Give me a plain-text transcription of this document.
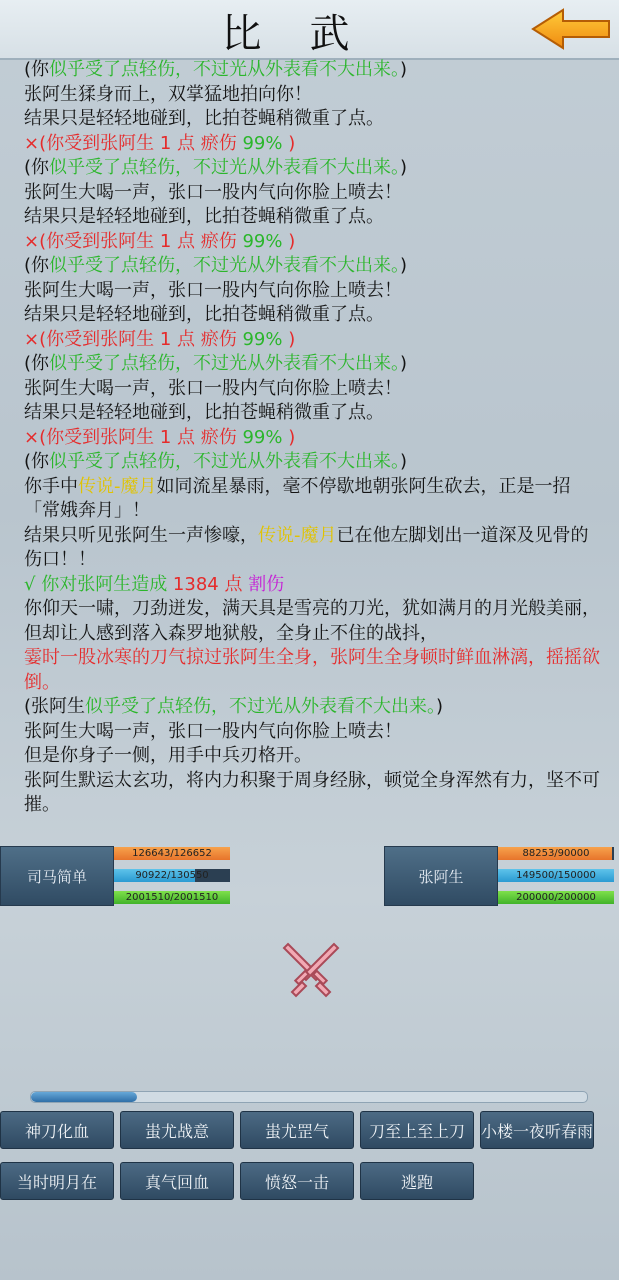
比武

(你似乎受了点轻伤，不过光从外表看不大出来。)

张阿生猱身而上，双掌猛地拍向你！

结果只是轻轻地碰到，比拍苍蝇稍微重了点。

×(你受到张阿生 1 点 瘀伤 99% )

(你似乎受了点轻伤，不过光从外表看不大出来。)

张阿生大喝一声，张口一股内气向你脸上喷去！

结果只是轻轻地碰到，比拍苍蝇稍微重了点。

×(你受到张阿生 1 点 瘀伤 99% )

(你似乎受了点轻伤，不过光从外表看不大出来。)

张阿生大喝一声，张口一股内气向你脸上喷去！

结果只是轻轻地碰到，比拍苍蝇稍微重了点。

×(你受到张阿生 1 点 瘀伤 99% )

(你似乎受了点轻伤，不过光从外表看不大出来。)

张阿生大喝一声，张口一股内气向你脸上喷去！

结果只是轻轻地碰到，比拍苍蝇稍微重了点。

×(你受到张阿生 1 点 瘀伤 99% )

(你似乎受了点轻伤，不过光从外表看不大出来。)

你手中传说-魔月如同流星暴雨，毫不停歇地朝张阿生砍去，正是一招「常娥奔月」！

结果只听见张阿生一声惨嚎，传说-魔月已在他左脚划出一道深及见骨的伤口！！

√ 你对张阿生造成 1384 点 割伤

你仰天一啸，刀劲迸发，满天具是雪亮的刀光，犹如满月的月光般美丽，

但却让人感到落入森罗地狱般，全身止不住的战抖，

霎时一股冰寒的刀气掠过张阿生全身，张阿生全身顿时鲜血淋漓，摇摇欲倒。

(张阿生似乎受了点轻伤，不过光从外表看不大出来。)

张阿生大喝一声，张口一股内气向你脸上喷去！

但是你身子一侧，用手中兵刃格开。

张阿生默运太玄功，将内力积聚于周身经脉，顿觉全身浑然有力，坚不可摧。

司马简单
126643/126652
90922/130550
2001510/2001510
张阿生
88253/90000
149500/150000
200000/200000
神刀化血	蚩尤战意	蚩尤罡气	刀至上至上刀	小楼一夜听春雨
当时明月在	真气回血	愤怒一击	逃跑
